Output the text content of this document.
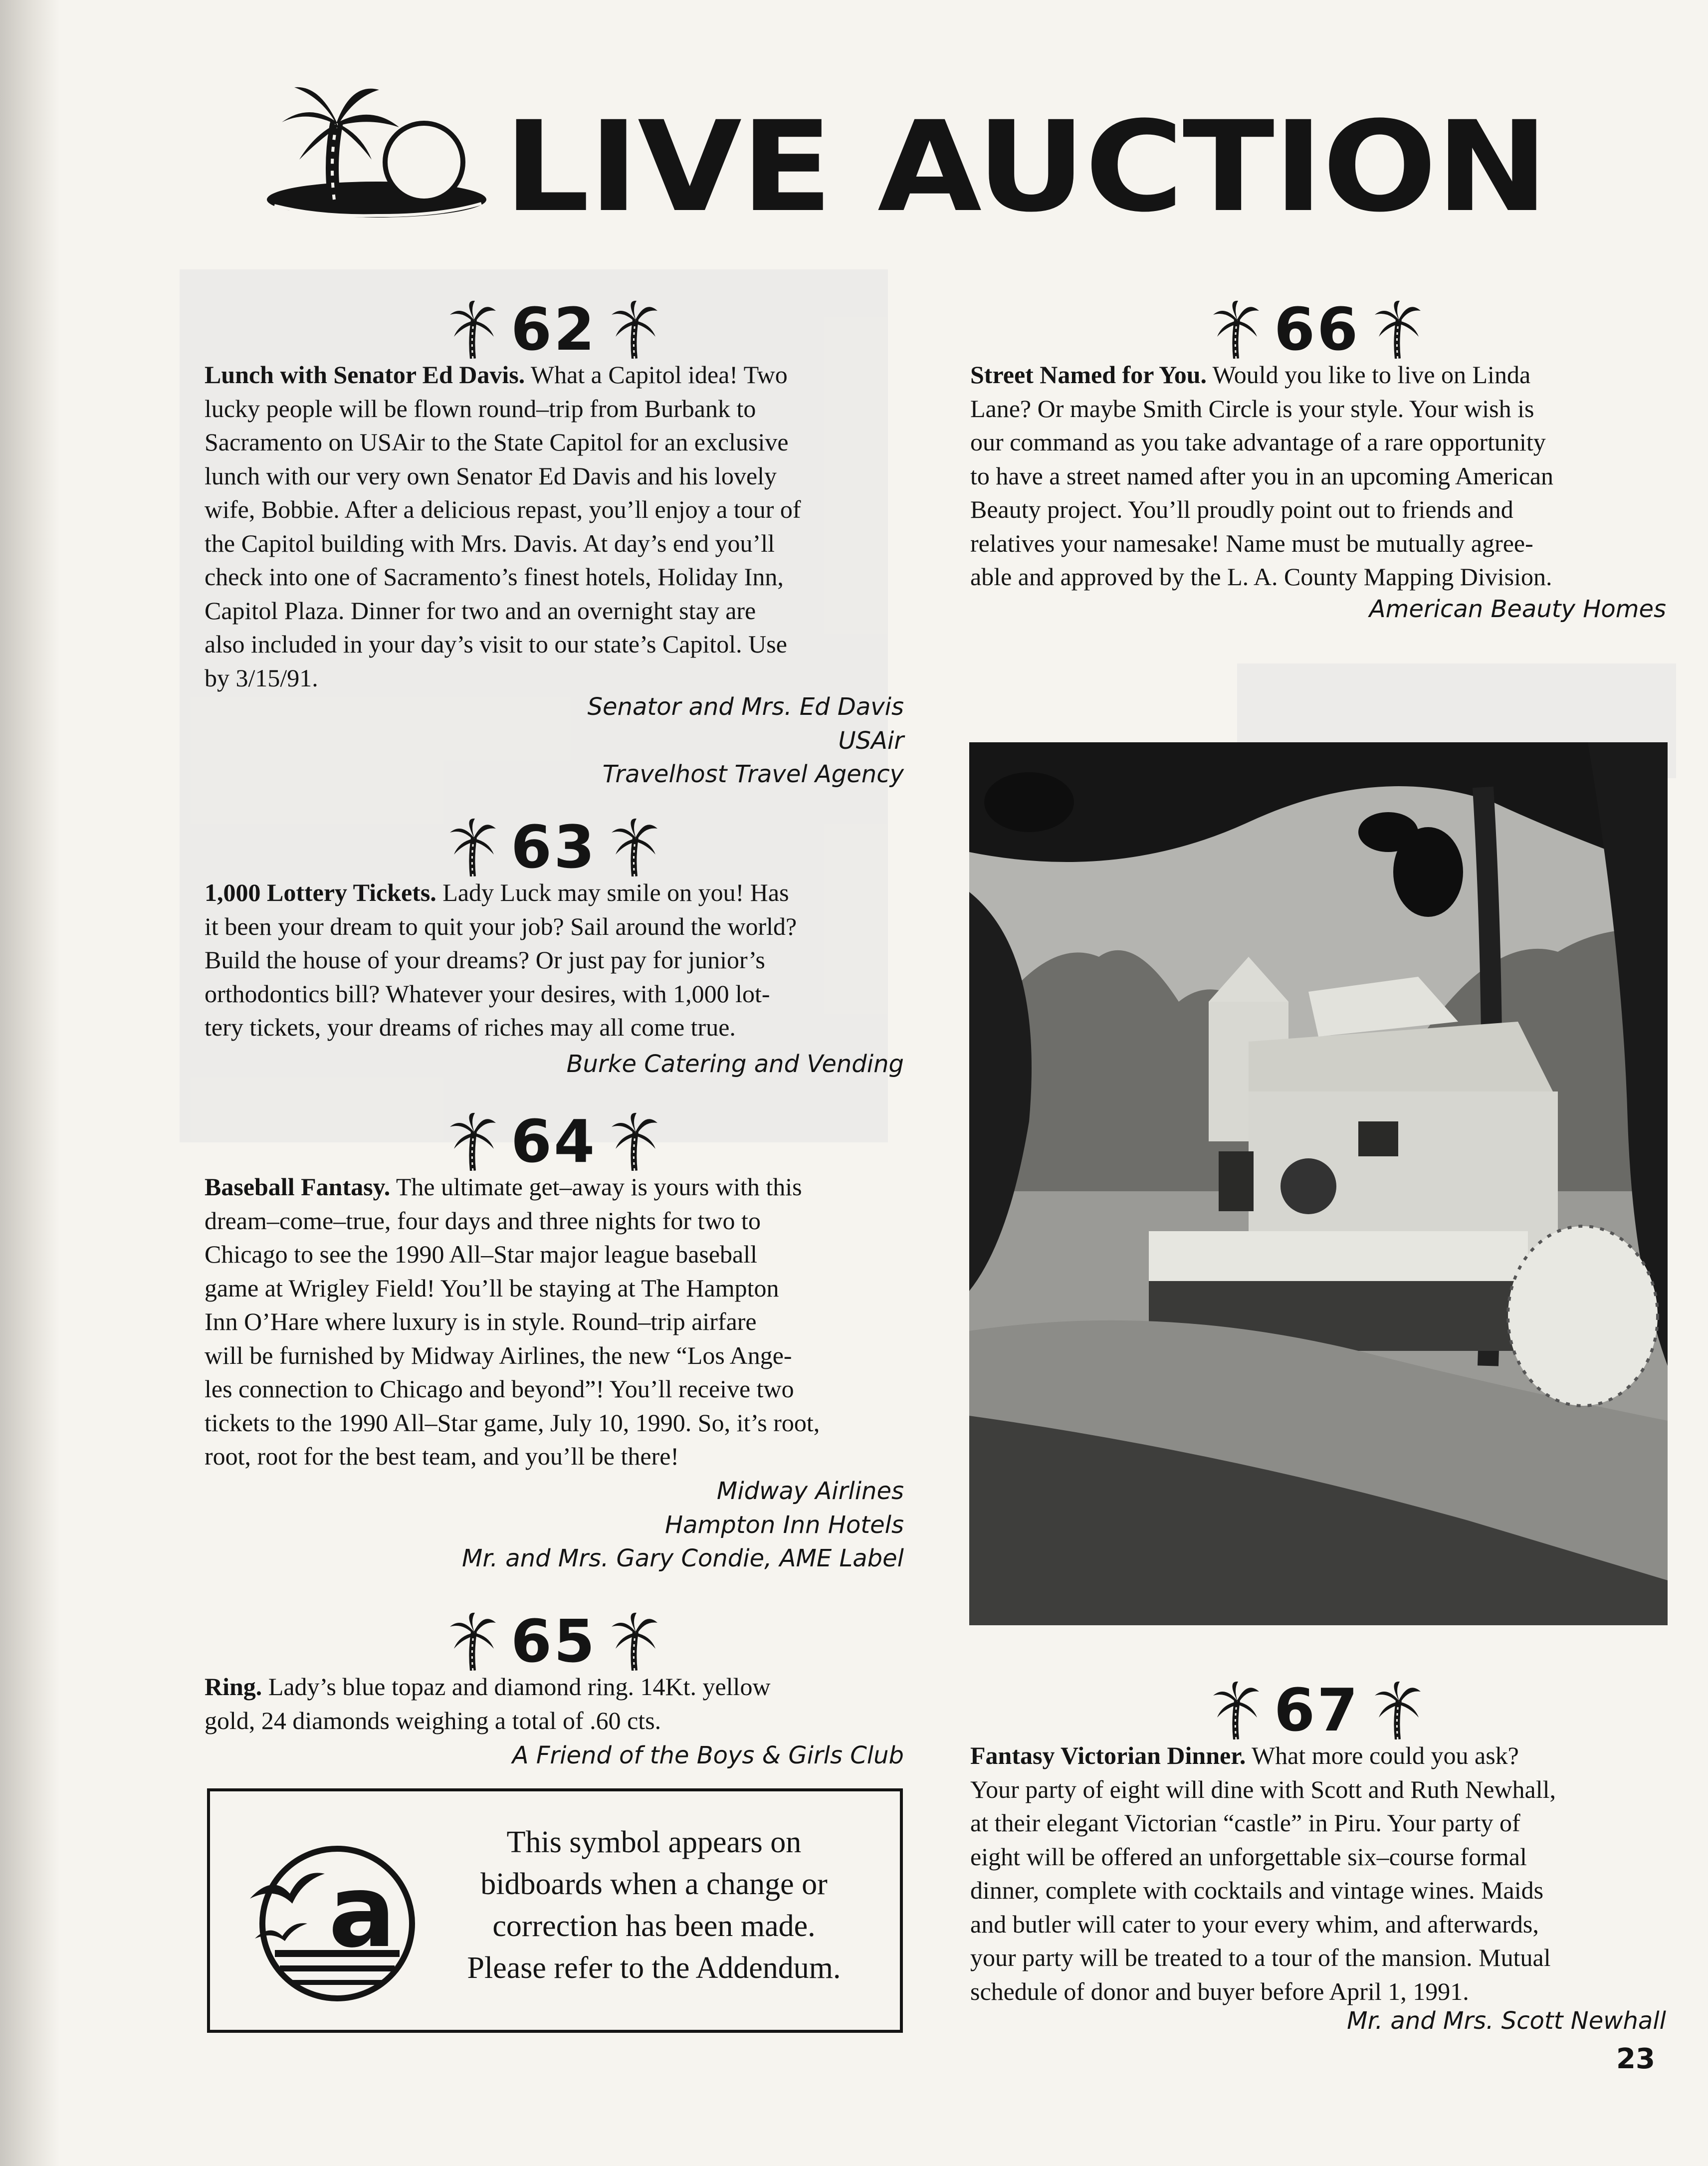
LIVE AUCTION
62
Lunch with Senator Ed Davis. What a Capitol idea! Two
lucky people will be flown round–trip from Burbank to
Sacramento on USAir to the State Capitol for an exclusive
lunch with our very own Senator Ed Davis and his lovely
wife, Bobbie. After a delicious repast, you’ll enjoy a tour of
the Capitol building with Mrs. Davis. At day’s end you’ll
check into one of Sacramento’s finest hotels, Holiday Inn,
Capitol Plaza. Dinner for two and an overnight stay are
also included in your day’s visit to our state’s Capitol. Use
by 3/15/91.
Senator and Mrs. Ed Davis
USAir
Travelhost Travel Agency
63
1,000 Lottery Tickets. Lady Luck may smile on you! Has
it been your dream to quit your job? Sail around the world?
Build the house of your dreams? Or just pay for junior’s
orthodontics bill? Whatever your desires, with 1,000 lot-
tery tickets, your dreams of riches may all come true.
Burke Catering and Vending
64
Baseball Fantasy. The ultimate get–away is yours with this
dream–come–true, four days and three nights for two to
Chicago to see the 1990 All–Star major league baseball
game at Wrigley Field! You’ll be staying at The Hampton
Inn O’Hare where luxury is in style. Round–trip airfare
will be furnished by Midway Airlines, the new “Los Ange-
les connection to Chicago and beyond”! You’ll receive two
tickets to the 1990 All–Star game, July 10, 1990. So, it’s root,
root, root for the best team, and you’ll be there!
Midway Airlines
Hampton Inn Hotels
Mr. and Mrs. Gary Condie, AME Label
65
Ring. Lady’s blue topaz and diamond ring. 14Kt. yellow
gold, 24 diamonds weighing a total of .60 cts.
A Friend of the Boys & Girls Club
a
This symbol appears on
bidboards when a change or
correction has been made.
Please refer to the Addendum.
66
Street Named for You. Would you like to live on Linda
Lane? Or maybe Smith Circle is your style. Your wish is
our command as you take advantage of a rare opportunity
to have a street named after you in an upcoming American
Beauty project. You’ll proudly point out to friends and
relatives your namesake! Name must be mutually agree-
able and approved by the L. A. County Mapping Division.
American Beauty Homes
67
Fantasy Victorian Dinner. What more could you ask?
Your party of eight will dine with Scott and Ruth Newhall,
at their elegant Victorian “castle” in Piru. Your party of
eight will be offered an unforgettable six–course formal
dinner, complete with cocktails and vintage wines. Maids
and butler will cater to your every whim, and afterwards,
your party will be treated to a tour of the mansion. Mutual
schedule of donor and buyer before April 1, 1991.
Mr. and Mrs. Scott Newhall
23
